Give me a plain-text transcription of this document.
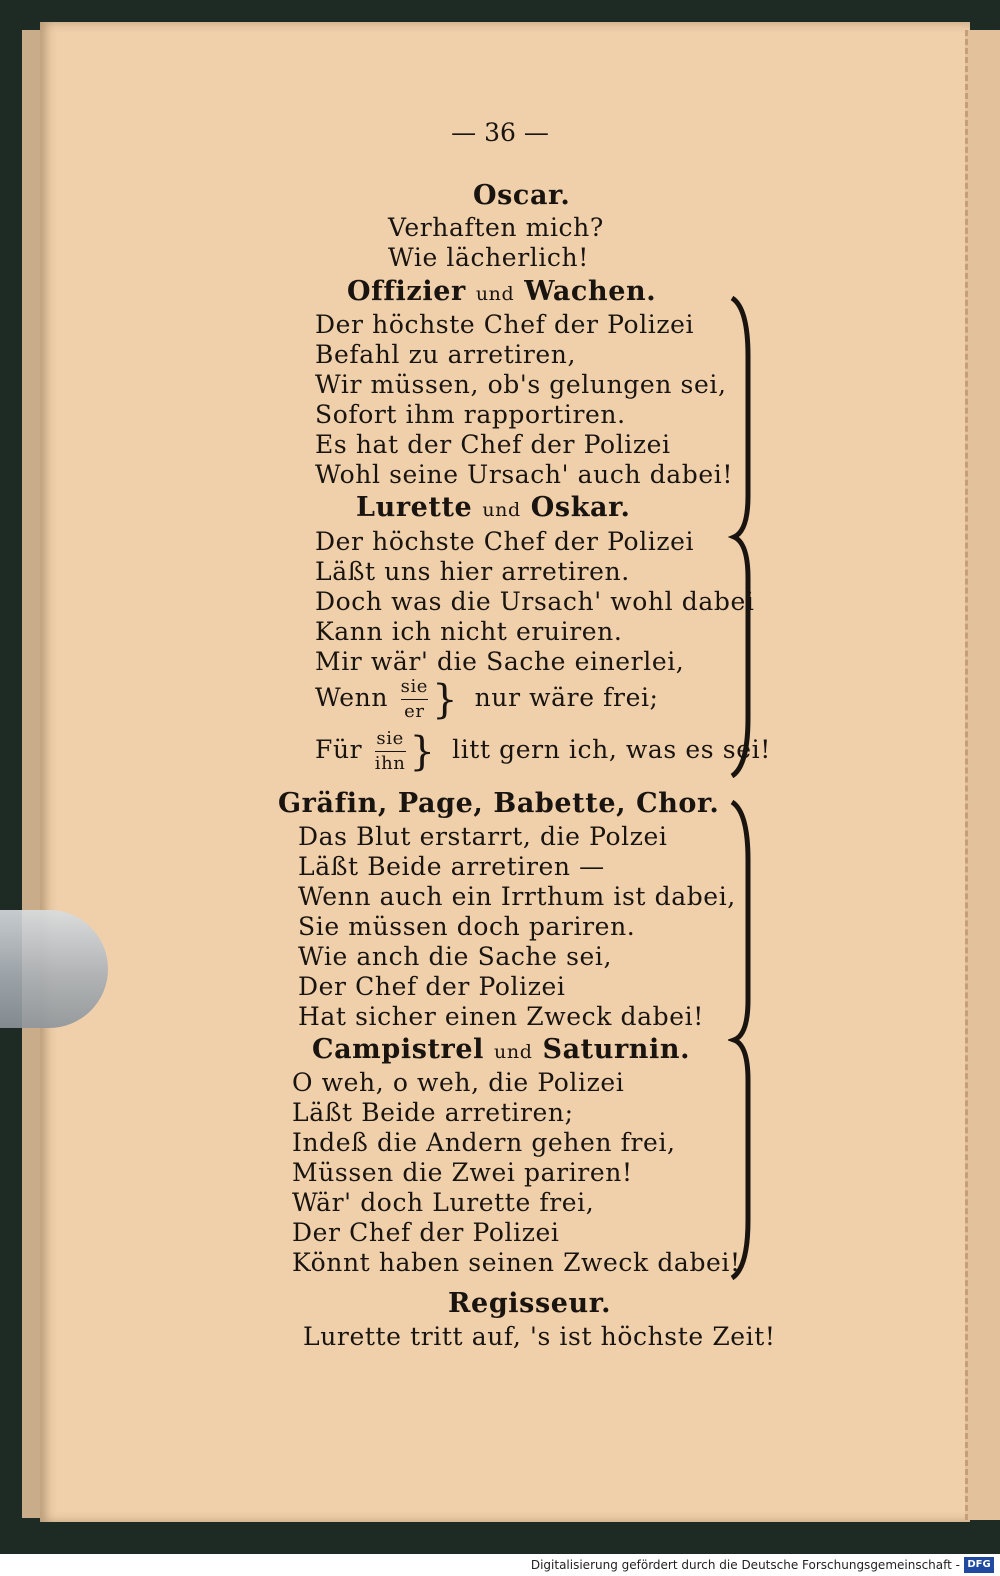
— 36 —
Oscar.
Verhaften mich?
Wie lächerlich!
Offizier und Wachen.
Der höchste Chef der Polizei
Befahl zu arretiren,
Wir müssen, ob's gelungen sei,
Sofort ihm rapportiren.
Es hat der Chef der Polizei
Wohl seine Ursach' auch dabei!
Lurette und Oskar.
Der höchste Chef der Polizei
Läßt uns hier arretiren.
Doch was die Ursach' wohl dabei
Kann ich nicht eruiren.
Mir wär' die Sache einerlei,
Wenn $\frac{\text{sie}}{er}$ } nur wäre frei;
Für $\frac{\text{sie}}{\text{ihn}}$ } litt gern ich, was es sei!
Gräfin, Page, Babette, Chor.
Das Blut erstarrt, die Polzei
Läßt Beide arretiren —
Wenn auch ein Irrthum ist dabei,
Sie müssen doch pariren.
Wie anch die Sache sei,
Der Chef der Polizei
Hat sicher einen Zweck dabei!
Campistrel und Saturnin.
O weh, o weh, die Polizei
Läßt Beide arretiren;
Indeß die Andern gehen frei,
Müssen die Zwei pariren!
Wär' doch Lurette frei,
Der Chef der Polizei
Könnt haben seinen Zweck dabei!
Regisseur.
Lurette tritt auf, 's ist höchste Zeit!
Digitalisierung gefördert durch die Deutsche Forschungsgemeinschaft - DFG
